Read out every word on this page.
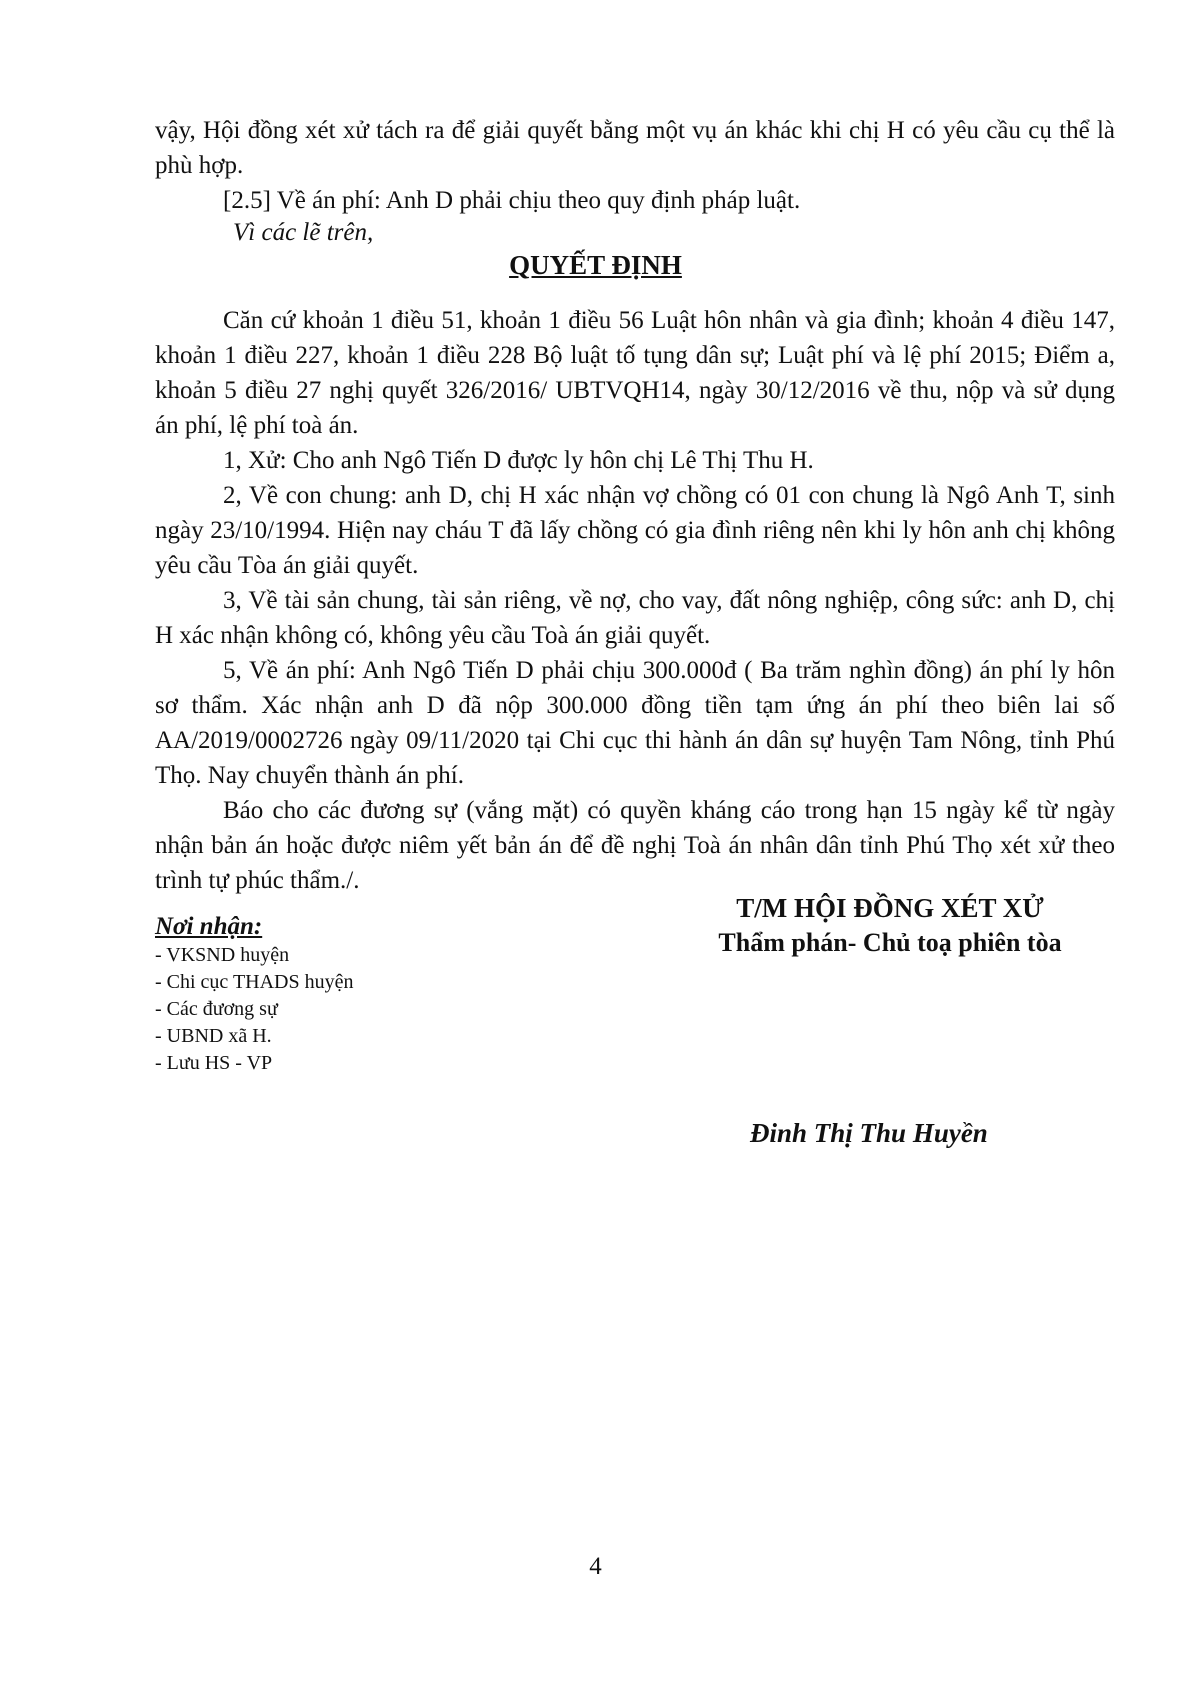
vậy, Hội đồng xét xử tách ra để giải quyết bằng một vụ án khác khi chị H có yêu cầu cụ thể là phù hợp.

[2.5] Về án phí: Anh D phải chịu theo quy định pháp luật.

Vì các lẽ trên,

QUYẾT ĐỊNH

Căn cứ khoản 1 điều 51, khoản 1 điều 56 Luật hôn nhân và gia đình; khoản 4 điều 147, khoản 1 điều 227, khoản 1 điều 228 Bộ luật tố tụng dân sự; Luật phí và lệ phí 2015; Điểm a, khoản 5 điều 27 nghị quyết 326/2016/ UBTVQH14, ngày 30/12/2016 về thu, nộp và sử dụng án phí, lệ phí toà án.

1, Xử: Cho anh Ngô Tiến D được ly hôn chị Lê Thị Thu H.

2, Về con chung: anh D, chị H xác nhận vợ chồng có 01 con chung là Ngô Anh T, sinh ngày 23/10/1994. Hiện nay cháu T đã lấy chồng có gia đình riêng nên khi ly hôn anh chị không yêu cầu Tòa án giải quyết.

3, Về tài sản chung, tài sản riêng, về nợ, cho vay, đất nông nghiệp, công sức: anh D, chị H xác nhận không có, không yêu cầu Toà án giải quyết.

5, Về án phí: Anh Ngô Tiến D phải chịu 300.000đ ( Ba trăm nghìn đồng) án phí ly hôn sơ thẩm. Xác nhận anh D đã nộp 300.000 đồng tiền tạm ứng án phí theo biên lai số AA/2019/0002726 ngày 09/11/2020 tại Chi cục thi hành án dân sự huyện Tam Nông, tỉnh Phú Thọ. Nay chuyển thành án phí.

Báo cho các đương sự (vắng mặt) có quyền kháng cáo trong hạn 15 ngày kể từ ngày nhận bản án hoặc được niêm yết bản án để đề nghị Toà án nhân dân tỉnh Phú Thọ xét xử theo trình tự phúc thẩm./.

T/M HỘI ĐỒNG XÉT XỬ
Thẩm phán- Chủ toạ phiên tòa
Nơi nhận:
- VKSND huyện
- Chi cục THADS huyện
- Các đương sự
- UBND xã H.
- Lưu HS - VP
Đinh Thị Thu Huyền
4
